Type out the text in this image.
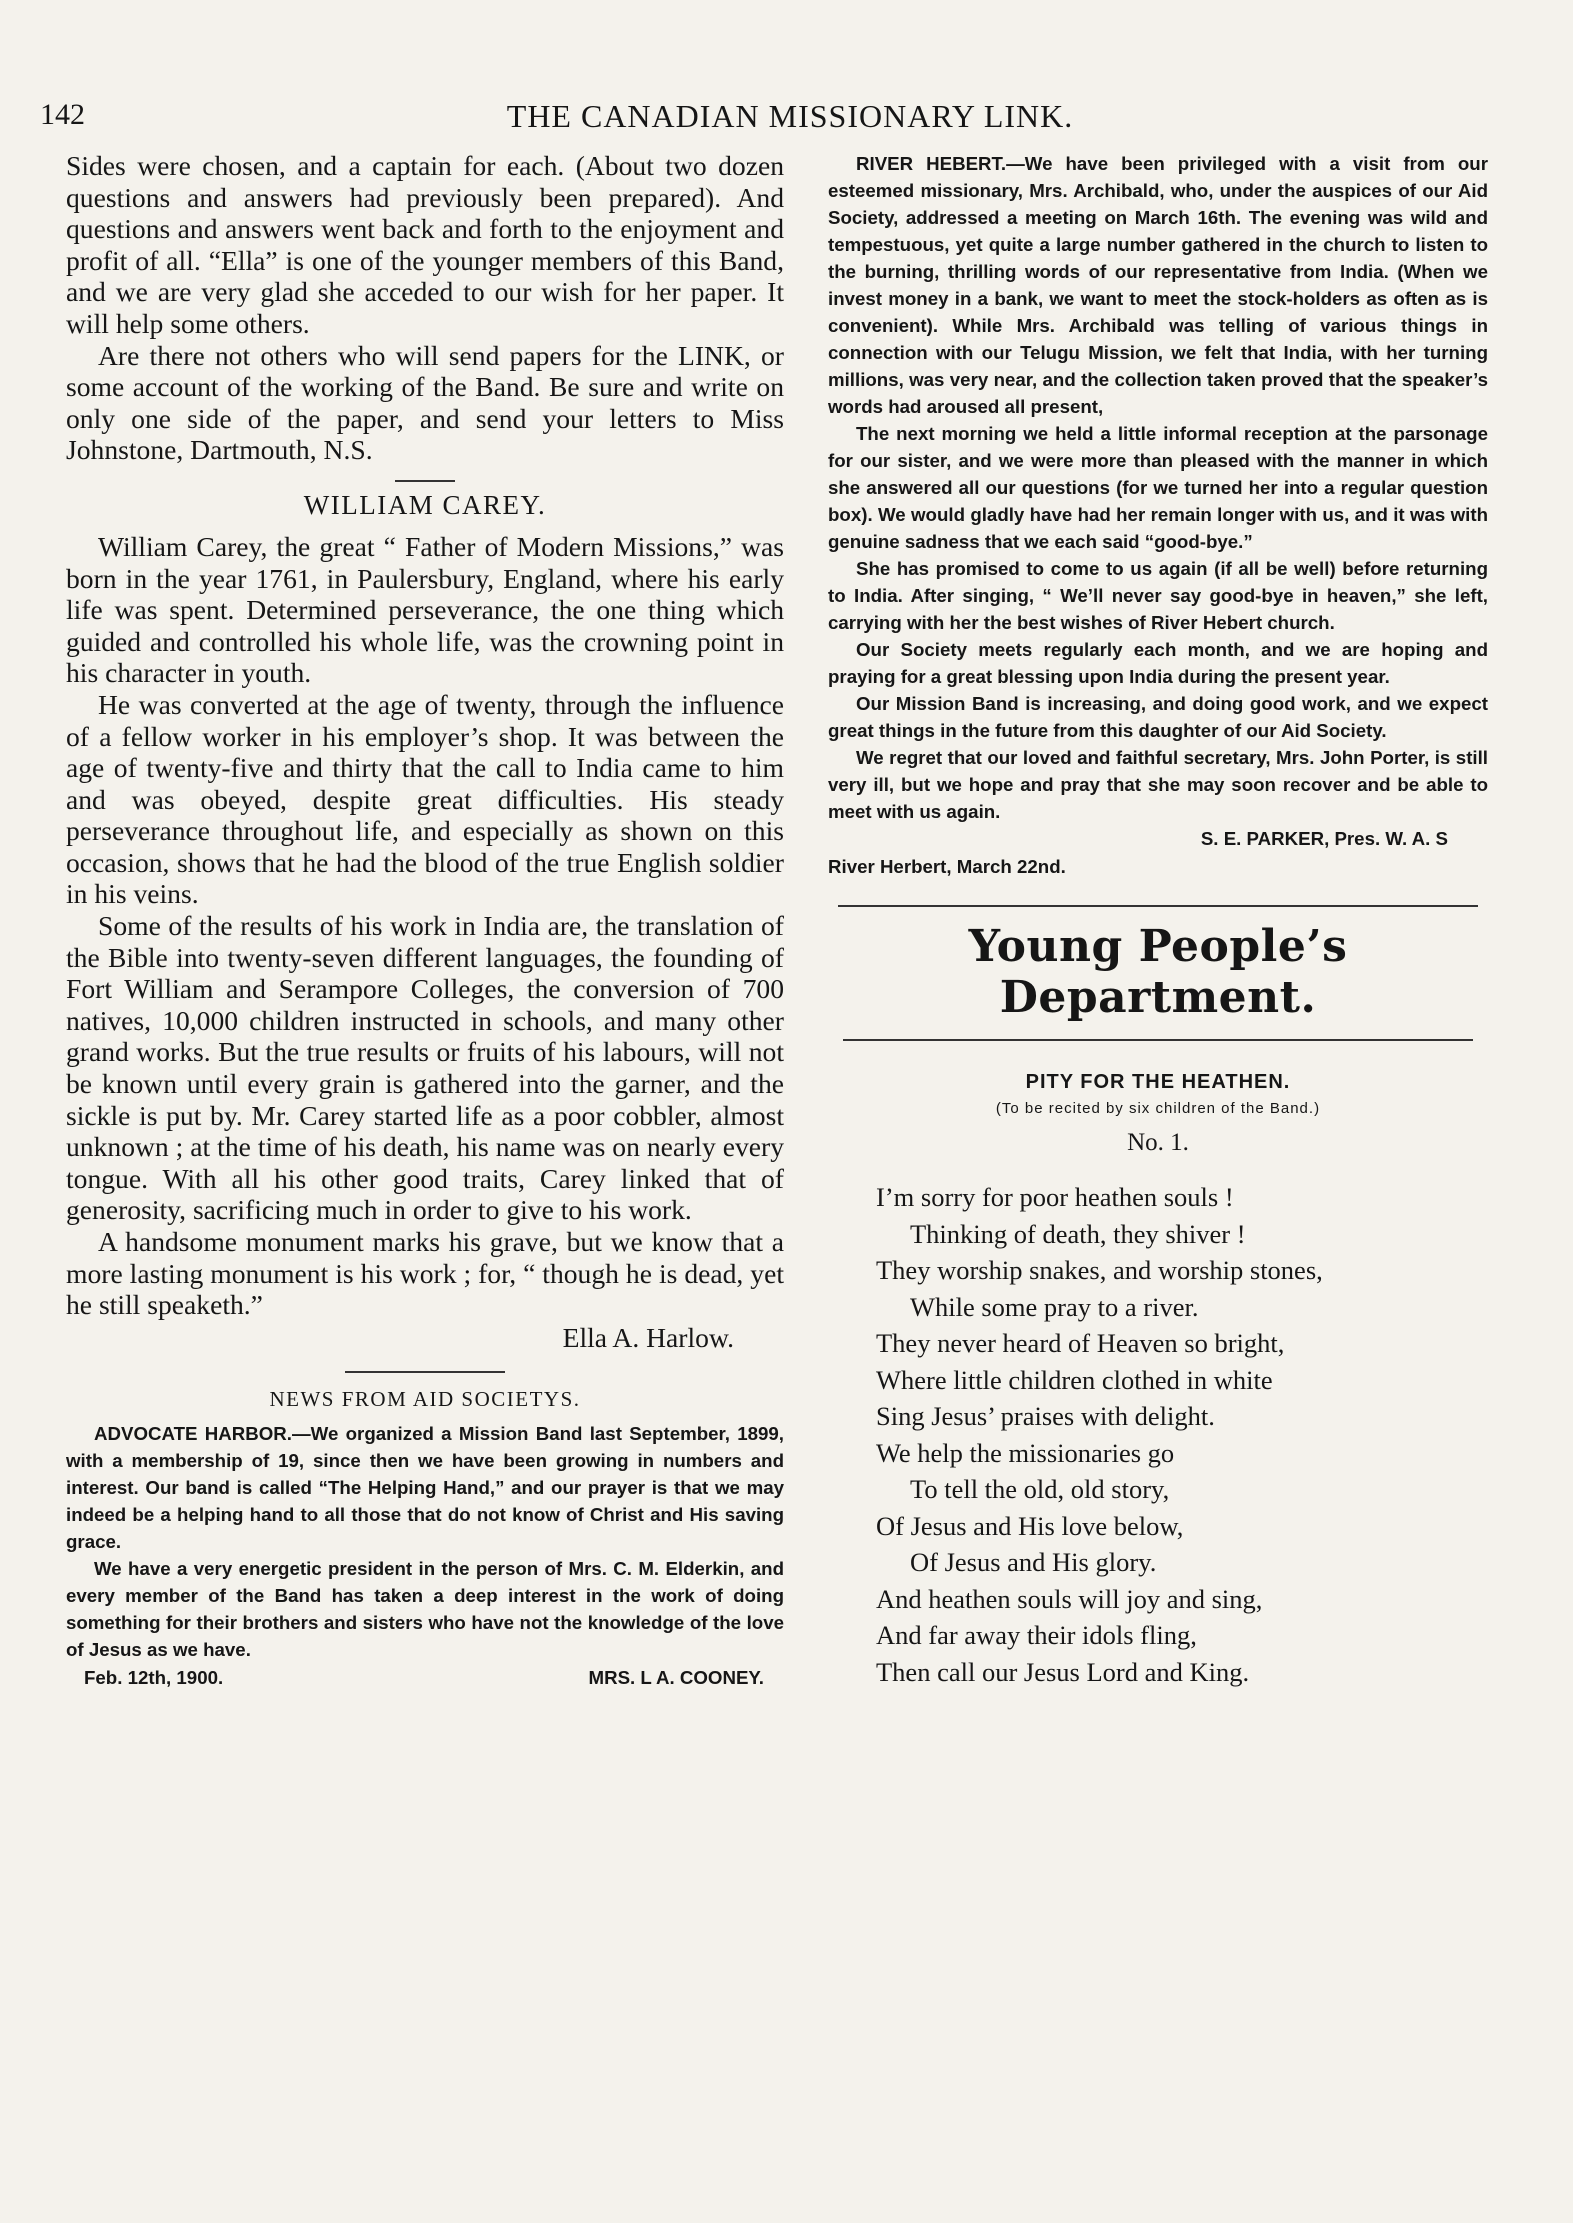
THE CANADIAN MISSIONARY LINK.
142

Sides were chosen, and a captain for each. (About two dozen questions and answers had previously been prepared). And questions and answers went back and forth to the enjoyment and profit of all. “Ella” is one of the younger members of this Band, and we are very glad she acceded to our wish for her paper. It will help some others.

Are there not others who will send papers for the LINK, or some account of the working of the Band. Be sure and write on only one side of the paper, and send your letters to Miss Johnstone, Dartmouth, N.S.

WILLIAM CAREY.

William Carey, the great “ Father of Modern Missions,” was born in the year 1761, in Paulersbury, England, where his early life was spent. Determined perseverance, the one thing which guided and controlled his whole life, was the crowning point in his character in youth.

He was converted at the age of twenty, through the influence of a fellow worker in his employer’s shop. It was between the age of twenty-five and thirty that the call to India came to him and was obeyed, despite great difficulties. His steady perseverance throughout life, and especially as shown on this occasion, shows that he had the blood of the true English soldier in his veins.

Some of the results of his work in India are, the translation of the Bible into twenty-seven different languages, the founding of Fort William and Serampore Colleges, the conversion of 700 natives, 10,000 children instructed in schools, and many other grand works. But the true results or fruits of his labours, will not be known until every grain is gathered into the garner, and the sickle is put by. Mr. Carey started life as a poor cobbler, almost unknown ; at the time of his death, his name was on nearly every tongue. With all his other good traits, Carey linked that of generosity, sacrificing much in order to give to his work.

A handsome monument marks his grave, but we know that a more lasting monument is his work ; for, “ though he is dead, yet he still speaketh.”

Ella A. Harlow.
NEWS FROM AID SOCIETYS.

ADVOCATE HARBOR.—We organized a Mission Band last September, 1899, with a membership of 19, since then we have been growing in numbers and interest. Our band is called “The Helping Hand,” and our prayer is that we may indeed be a helping hand to all those that do not know of Christ and His saving grace.

We have a very energetic president in the person of Mrs. C. M. Elderkin, and every member of the Band has taken a deep interest in the work of doing something for their brothers and sisters who have not the knowledge of the love of Jesus as we have.

Feb. 12th, 1900.	MRS. L A. COONEY.

RIVER HEBERT.—We have been privileged with a visit from our esteemed missionary, Mrs. Archibald, who, under the auspices of our Aid Society, addressed a meeting on March 16th. The evening was wild and tempestuous, yet quite a large number gathered in the church to listen to the burning, thrilling words of our representative from India. (When we invest money in a bank, we want to meet the stock-holders as often as is convenient). While Mrs. Archibald was telling of various things in connection with our Telugu Mission, we felt that India, with her turning millions, was very near, and the collection taken proved that the speaker’s words had aroused all present,

The next morning we held a little informal reception at the parsonage for our sister, and we were more than pleased with the manner in which she answered all our questions (for we turned her into a regular question box). We would gladly have had her remain longer with us, and it was with genuine sadness that we each said “good-bye.”

She has promised to come to us again (if all be well) before returning to India. After singing, “ We’ll never say good-bye in heaven,” she left, carrying with her the best wishes of River Hebert church.

Our Society meets regularly each month, and we are hoping and praying for a great blessing upon India during the present year.

Our Mission Band is increasing, and doing good work, and we expect great things in the future from this daughter of our Aid Society.

We regret that our loved and faithful secretary, Mrs. John Porter, is still very ill, but we hope and pray that she may soon recover and be able to meet with us again.

S. E. PARKER, Pres. W. A. S
River Herbert, March 22nd.
Young People’s Department.
PITY FOR THE HEATHEN.
(To be recited by six children of the Band.)
No. 1.

I’m sorry for poor heathen souls !

Thinking of death, they shiver !

They worship snakes, and worship stones,

While some pray to a river.

They never heard of Heaven so bright,

Where little children clothed in white

Sing Jesus’ praises with delight.

We help the missionaries go

To tell the old, old story,

Of Jesus and His love below,

Of Jesus and His glory.

And heathen souls will joy and sing,

And far away their idols fling,

Then call our Jesus Lord and King.
